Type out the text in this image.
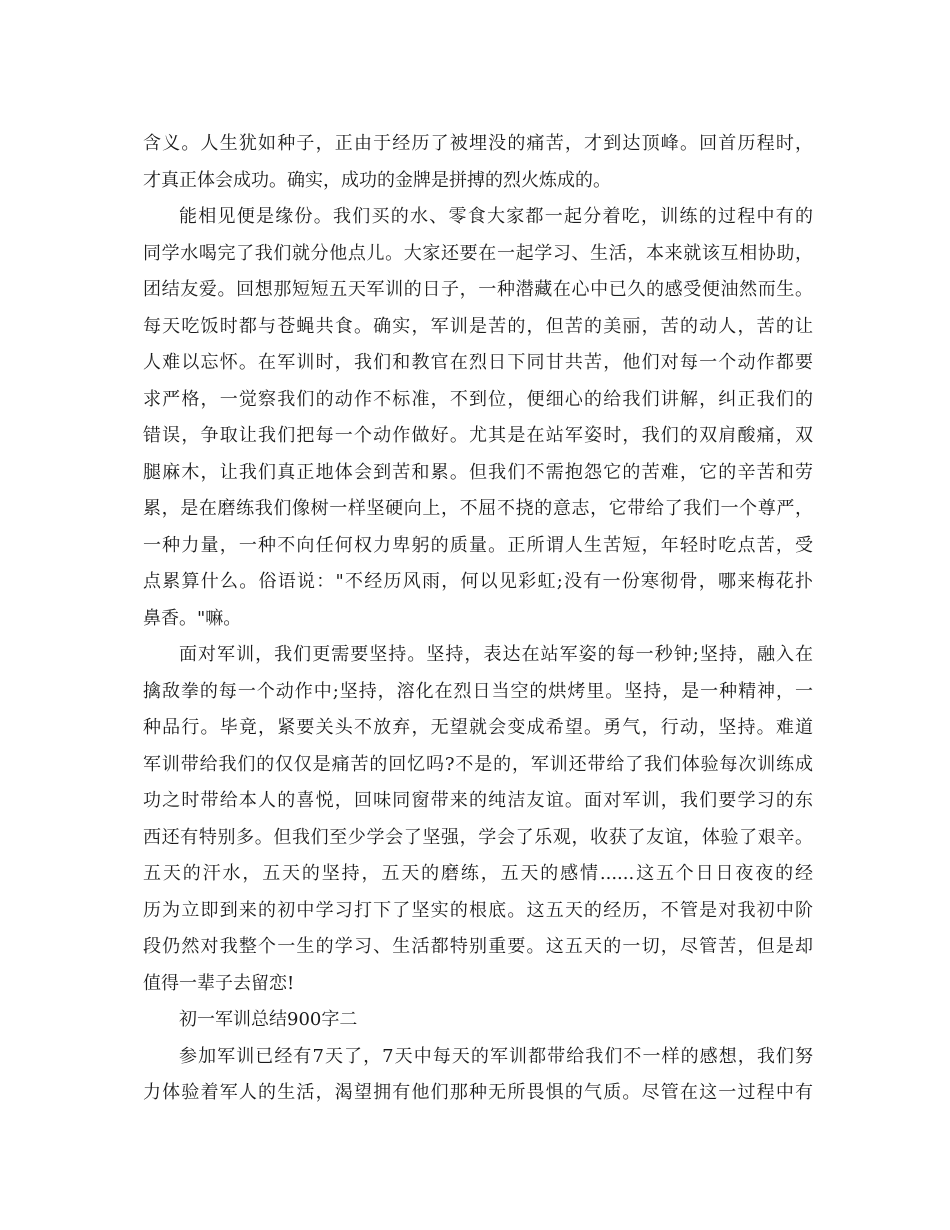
含义。人生犹如种子，正由于经历了被埋没的痛苦，才到达顶峰。回首历程时，
才真正体会成功。确实，成功的金牌是拼搏的烈火炼成的。
能相见便是缘份。我们买的水、零食大家都一起分着吃，训练的过程中有的
同学水喝完了我们就分他点儿。大家还要在一起学习、生活，本来就该互相协助，
团结友爱。回想那短短五天军训的日子，一种潜藏在心中已久的感受便油然而生。
每天吃饭时都与苍蝇共食。确实，军训是苦的，但苦的美丽，苦的动人，苦的让
人难以忘怀。在军训时，我们和教官在烈日下同甘共苦，他们对每一个动作都要
求严格，一觉察我们的动作不标准，不到位，便细心的给我们讲解，纠正我们的
错误，争取让我们把每一个动作做好。尤其是在站军姿时，我们的双肩酸痛，双
腿麻木，让我们真正地体会到苦和累。但我们不需抱怨它的苦难，它的辛苦和劳
累，是在磨练我们像树一样坚硬向上，不屈不挠的意志，它带给了我们一个尊严，
一种力量，一种不向任何权力卑躬的质量。正所谓人生苦短，年轻时吃点苦，受
点累算什么。俗语说："不经历风雨，何以见彩虹;没有一份寒彻骨，哪来梅花扑
鼻香。"嘛。
面对军训，我们更需要坚持。坚持，表达在站军姿的每一秒钟;坚持，融入在
擒敌拳的每一个动作中;坚持，溶化在烈日当空的烘烤里。坚持，是一种精神，一
种品行。毕竟，紧要关头不放弃，无望就会变成希望。勇气，行动，坚持。难道
军训带给我们的仅仅是痛苦的回忆吗?不是的，军训还带给了我们体验每次训练成
功之时带给本人的喜悦，回味同窗带来的纯洁友谊。面对军训，我们要学习的东
西还有特别多。但我们至少学会了坚强，学会了乐观，收获了友谊，体验了艰辛。
五天的汗水，五天的坚持，五天的磨练，五天的感情......这五个日日夜夜的经
历为立即到来的初中学习打下了坚实的根底。这五天的经历，不管是对我初中阶
段仍然对我整个一生的学习、生活都特别重要。这五天的一切，尽管苦，但是却
值得一辈子去留恋!
初一军训总结900字二
参加军训已经有7天了，7天中每天的军训都带给我们不一样的感想，我们努
力体验着军人的生活，渴望拥有他们那种无所畏惧的气质。尽管在这一过程中有
